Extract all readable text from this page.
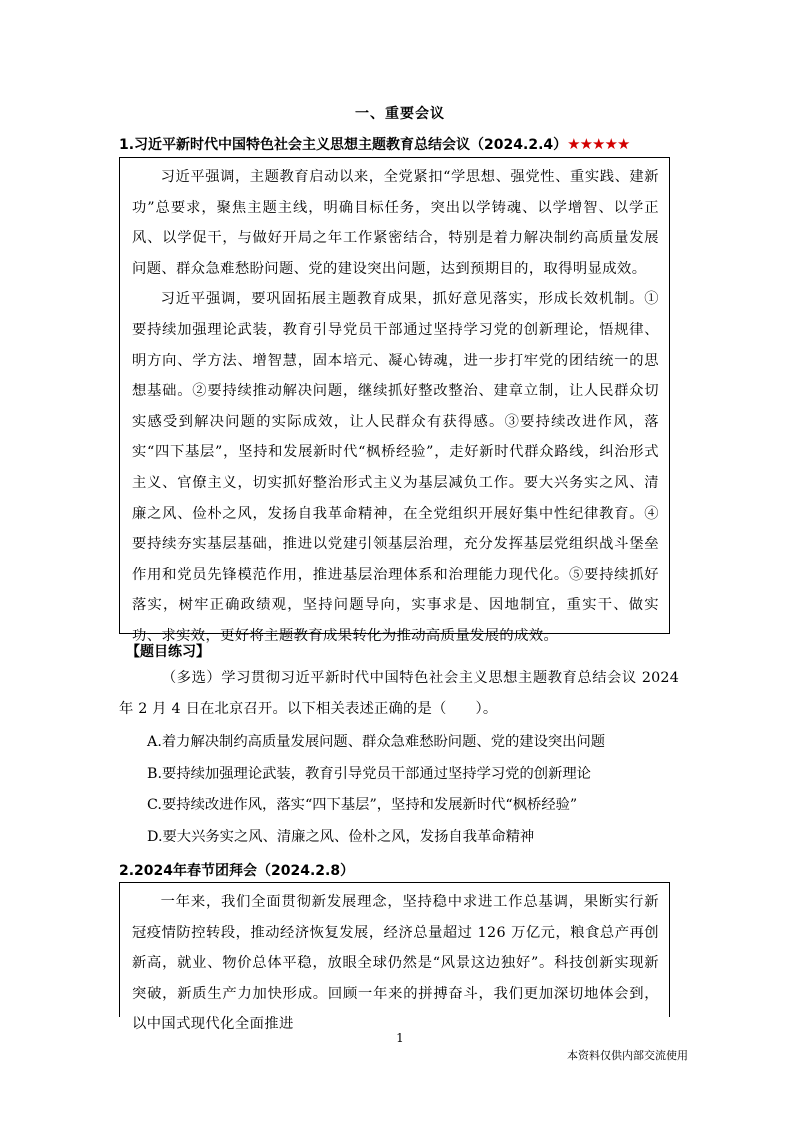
一、重要会议
1.习近平新时代中国特色社会主义思想主题教育总结会议（2024.2.4）★★★★★

习近平强调，主题教育启动以来，全党紧扣“学思想、强党性、重实践、建新功”总要求，聚焦主题主线，明确目标任务，突出以学铸魂、以学增智、以学正风、以学促干，与做好开局之年工作紧密结合，特别是着力解决制约高质量发展问题、群众急难愁盼问题、党的建设突出问题，达到预期目的，取得明显成效。

习近平强调，要巩固拓展主题教育成果，抓好意见落实，形成长效机制。①要持续加强理论武装，教育引导党员干部通过坚持学习党的创新理论，悟规律、明方向、学方法、增智慧，固本培元、凝心铸魂，进一步打牢党的团结统一的思想基础。②要持续推动解决问题，继续抓好整改整治、建章立制，让人民群众切实感受到解决问题的实际成效，让人民群众有获得感。③要持续改进作风，落实“四下基层”，坚持和发展新时代“枫桥经验”，走好新时代群众路线，纠治形式主义、官僚主义，切实抓好整治形式主义为基层减负工作。要大兴务实之风、清廉之风、俭朴之风，发扬自我革命精神，在全党组织开展好集中性纪律教育。④要持续夯实基层基础，推进以党建引领基层治理，充分发挥基层党组织战斗堡垒作用和党员先锋模范作用，推进基层治理体系和治理能力现代化。⑤要持续抓好落实，树牢正确政绩观，坚持问题导向，实事求是、因地制宜，重实干、做实功、求实效，更好将主题教育成果转化为推动高质量发展的成效。

【题目练习】

（多选）学习贯彻习近平新时代中国特色社会主义思想主题教育总结会议 2024 年 2 月 4 日在北京召开。以下相关表述正确的是（　　）。

A.着力解决制约高质量发展问题、群众急难愁盼问题、党的建设突出问题
B.要持续加强理论武装，教育引导党员干部通过坚持学习党的创新理论
C.要持续改进作风，落实“四下基层”，坚持和发展新时代“枫桥经验”
D.要大兴务实之风、清廉之风、俭朴之风，发扬自我革命精神
2.2024年春节团拜会（2024.2.8）

一年来，我们全面贯彻新发展理念，坚持稳中求进工作总基调，果断实行新冠疫情防控转段，推动经济恢复发展，经济总量超过 126 万亿元，粮食总产再创新高，就业、物价总体平稳，放眼全球仍然是“风景这边独好”。科技创新实现新突破，新质生产力加快形成。回顾一年来的拼搏奋斗，我们更加深切地体会到，以中国式现代化全面推进

1
本资料仅供内部交流使用
